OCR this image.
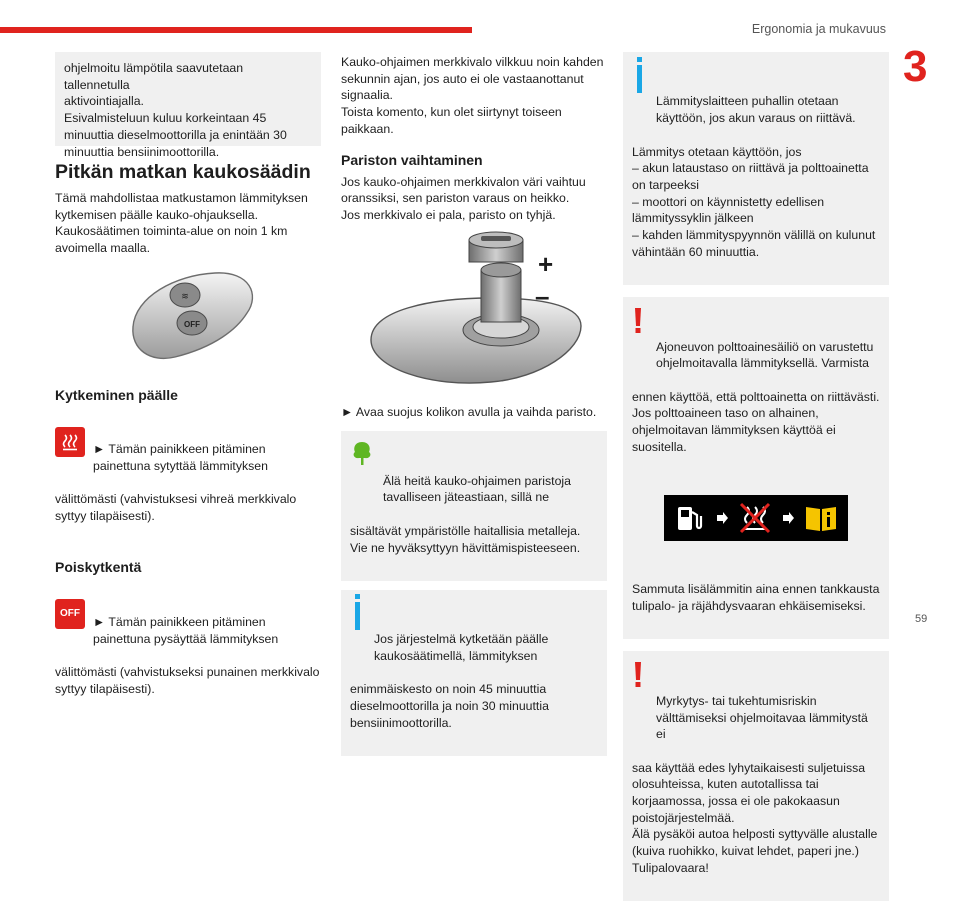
Ergonomia ja mukavuus
3
59
ohjelmoitu lämpötila saavutetaan tallennetulla
aktivointiajalla.
Esivalmisteluun kuluu korkeintaan 45
minuuttia dieselmoottorilla ja enintään 30
minuuttia bensiinimoottorilla.
Pitkän matkan kaukosäädin
Tämä mahdollistaa matkustamon lämmityksen
kytkemisen päälle kauko-ohjauksella.
Kaukosäätimen toiminta-alue on noin 1 km
avoimella maalla.
≋
OFF
Kytkeminen päälle

► Tämän painikkeen pitäminen
painettuna sytyttää lämmityksen

välittömästi (vahvistuksesi vihreä merkkivalo
syttyy tilapäisesti).

Poiskytkentä

OFF

► Tämän painikkeen pitäminen
painettuna pysäyttää lämmityksen

välittömästi (vahvistukseksi punainen merkkivalo
syttyy tilapäisesti).

Kauko-ohjaimen merkkivalo vilkkuu noin kahden
sekunnin ajan, jos auto ei ole vastaanottanut
signaalia.
Toista komento, kun olet siirtynyt toiseen
paikkaan.
Pariston vaihtaminen
Jos kauko-ohjaimen merkkivalon väri vaihtuu
oranssiksi, sen pariston varaus on heikko.
Jos merkkivalo ei pala, paristo on tyhjä.
+
–
► Avaa suojus kolikon avulla ja vaihda paristo.

Älä heitä kauko-ohjaimen paristoja
tavalliseen jäteastiaan, sillä ne

sisältävät ympäristölle haitallisia metalleja.
Vie ne hyväksyttyyn hävittämispisteeseen.

Jos järjestelmä kytketään päälle
kaukosäätimellä, lämmityksen

enimmäiskesto on noin 45 minuuttia
dieselmoottorilla ja noin 30 minuuttia
bensiinimoottorilla.

Lämmityslaitteen puhallin otetaan
käyttöön, jos akun varaus on riittävä.

Lämmitys otetaan käyttöön, jos
– akun lataustaso on riittävä ja polttoainetta
on tarpeeksi
– moottori on käynnistetty edellisen
lämmityssyklin jälkeen
– kahden lämmityspyynnön välillä on kulunut
vähintään 60 minuuttia.

Ajoneuvon polttoainesäiliö on varustettu
ohjelmoitavalla lämmityksellä. Varmista

ennen käyttöä, että polttoainetta on riittävästi.
Jos polttoaineen taso on alhainen,
ohjelmoitavan lämmityksen käyttöä ei
suositella.

Sammuta lisälämmitin aina ennen tankkausta
tulipalo- ja räjähdysvaaran ehkäisemiseksi.

Myrkytys- tai tukehtumisriskin
välttämiseksi ohjelmoitavaa lämmitystä ei

saa käyttää edes lyhytaikaisesti suljetuissa
olosuhteissa, kuten autotallissa tai
korjaamossa, jossa ei ole pakokaasun
poistojärjestelmää.
Älä pysäköi autoa helposti syttyvälle alustalle
(kuiva ruohikko, kuivat lehdet, paperi jne.)
Tulipalovaara!
